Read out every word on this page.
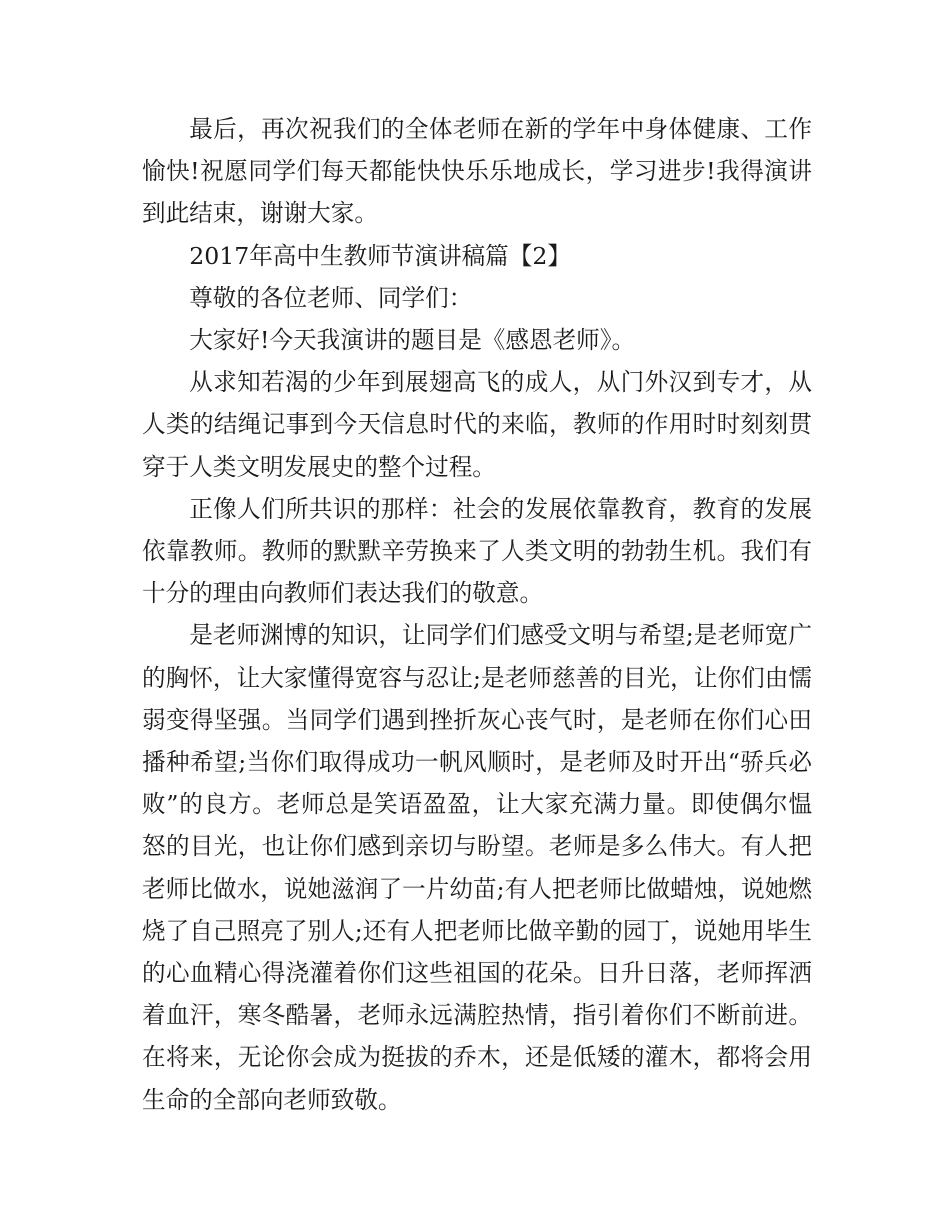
最后，再次祝我们的全体老师在新的学年中身体健康、工作愉快!祝愿同学们每天都能快快乐乐地成长，学习进步!我得演讲到此结束，谢谢大家。

2017年高中生教师节演讲稿篇【2】

尊敬的各位老师、同学们：

大家好!今天我演讲的题目是《感恩老师》。

从求知若渴的少年到展翅高飞的成人，从门外汉到专才，从人类的结绳记事到今天信息时代的来临，教师的作用时时刻刻贯穿于人类文明发展史的整个过程。

正像人们所共识的那样：社会的发展依靠教育，教育的发展依靠教师。教师的默默辛劳换来了人类文明的勃勃生机。我们有十分的理由向教师们表达我们的敬意。

是老师渊博的知识，让同学们们感受文明与希望;是老师宽广的胸怀，让大家懂得宽容与忍让;是老师慈善的目光，让你们由懦弱变得坚强。当同学们遇到挫折灰心丧气时，是老师在你们心田播种希望;当你们取得成功一帆风顺时，是老师及时开出“骄兵必败”的良方。老师总是笑语盈盈，让大家充满力量。即使偶尔愠怒的目光，也让你们感到亲切与盼望。老师是多么伟大。有人把老师比做水，说她滋润了一片幼苗;有人把老师比做蜡烛，说她燃烧了自己照亮了别人;还有人把老师比做辛勤的园丁，说她用毕生的心血精心得浇灌着你们这些祖国的花朵。日升日落，老师挥洒着血汗，寒冬酷暑，老师永远满腔热情，指引着你们不断前进。在将来，无论你会成为挺拔的乔木，还是低矮的灌木，都将会用生命的全部向老师致敬。
